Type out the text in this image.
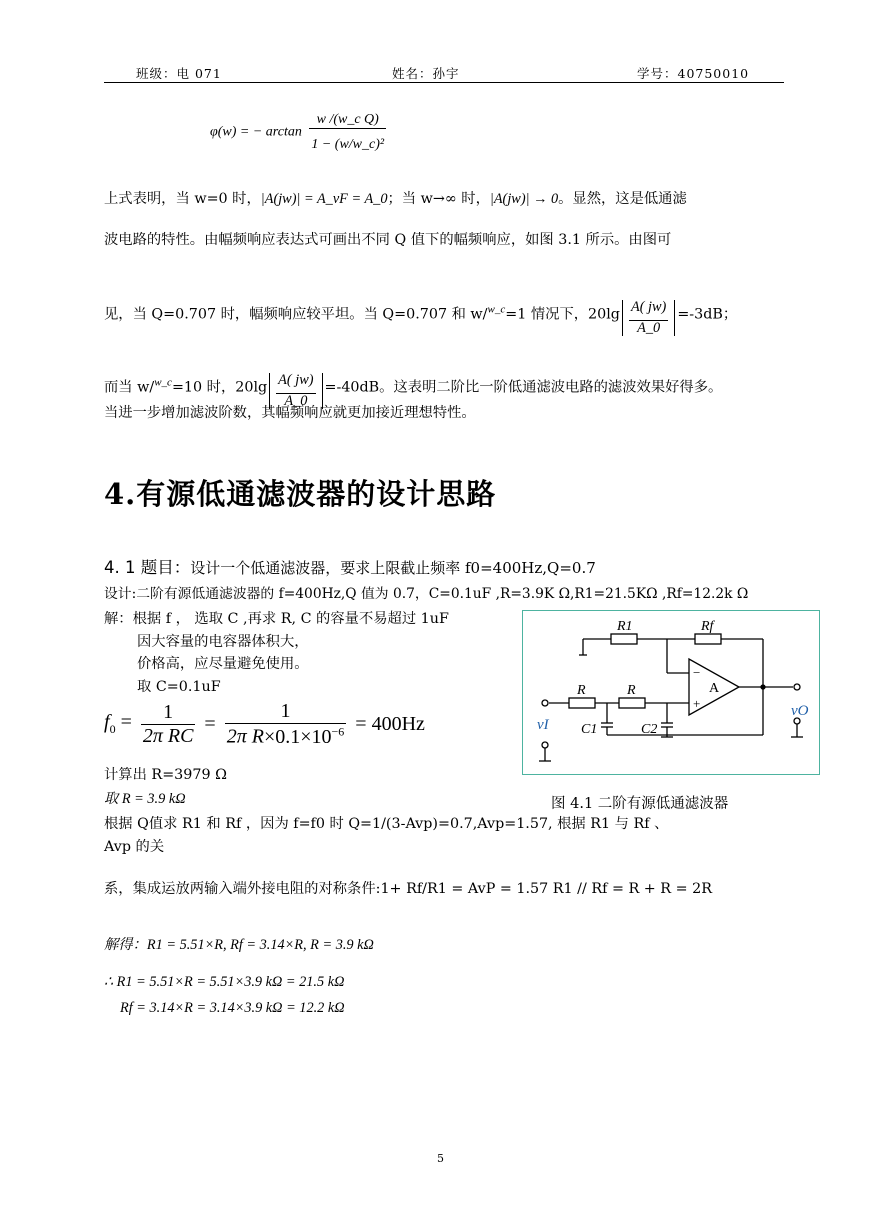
班级：电 071	姓名：孙宇	学号：40750010
φ(w) = − $\arctan \frac{\text{w /(w\_c Q)}}{\text{1 − (w/w\_c)²}}$
上式表明，当 w=0 时，|A(jw)| = A_vF = A_0；当 w→∞ 时，|A(jw)| → 0。显然，这是低通滤
波电路的特性。由幅频响应表达式可画出不同 Q 值下的幅频响应，如图 3.1 所示。由图可
见，当 Q=0.707 时，幅频响应较平坦。当 Q=0.707 和 w/$^{w\_c}$=1 情况下，$20\lg \frac{A( jw)}{A\_0} =-3dB$；
而当 w/$^{w\_c}$=10 时，$20\lg \frac{A( jw)}{A\_0} =-40dB$。这表明二阶比一阶低通滤波电路的滤波效果好得多。
当进一步增加滤波阶数，其幅频响应就更加接近理想特性。
4.有源低通滤波器的设计思路
4. 1 题目：设计一个低通滤波器，要求上限截止频率 f0=400Hz,Q=0.7
设计:二阶有源低通滤波器的 f=400Hz,Q 值为 0.7，C=0.1uF ,R=3.9K Ω,R1=21.5KΩ ,Rf=12.2k Ω
解：根据 f ， 选取 C ,再求 R, C 的容量不易超过 1uF
因大容量的电容器体积大，
价格高，应尽量避免使用。
取 C=0.1uF
$f_0 = \frac{1}{\text{2π RC}} = \frac{1}{2\pi R\times 0.1\times 10^{-6}} = 400Hz$
计算出 R=3979 Ω
取 R = 3.9 kΩ
根据 Q值求 R1 和 Rf ，因为 f=f0 时 Q=1/(3-Avp)=0.7,Avp=1.57, 根据 R1 与 Rf 、
Avp 的关
系，集成运放两输入端外接电阻的对称条件:1+ Rf/R1 = AvP = 1.57 R1 // Rf = R + R = 2R
解得：R1 = 5.51×R, Rf = 3.14×R, R = 3.9 kΩ
∴ R1 = 5.51×R = 5.51×3.9 kΩ = 21.5 kΩ
Rf = 3.14×R = 3.14×3.9 kΩ = 12.2 kΩ
R1	Rf
R	R
C1	C2
A
−
+
vI
vO
图 4.1 二阶有源低通滤波器
5
